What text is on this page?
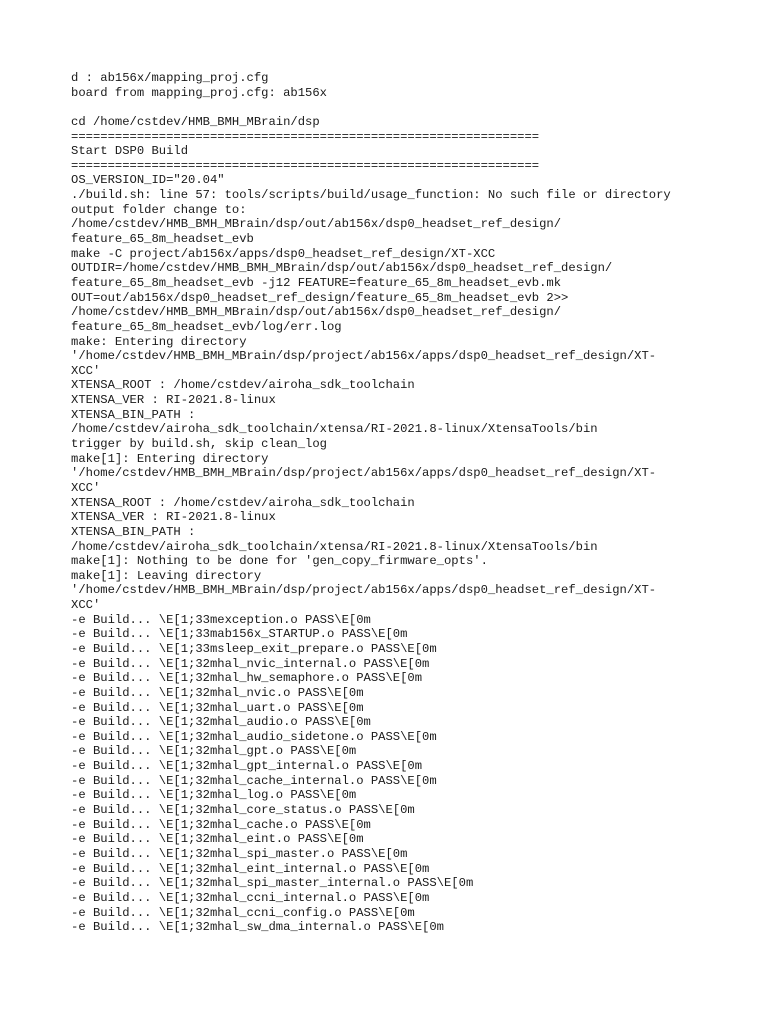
d : ab156x/mapping_proj.cfg
board from mapping_proj.cfg: ab156x
cd /home/cstdev/HMB_BMH_MBrain/dsp
================================================================
Start DSP0 Build
================================================================
OS_VERSION_ID="20.04"
./build.sh: line 57: tools/scripts/build/usage_function: No such file or directory
output folder change to:
/home/cstdev/HMB_BMH_MBrain/dsp/out/ab156x/dsp0_headset_ref_design/
feature_65_8m_headset_evb
make -C project/ab156x/apps/dsp0_headset_ref_design/XT-XCC
OUTDIR=/home/cstdev/HMB_BMH_MBrain/dsp/out/ab156x/dsp0_headset_ref_design/
feature_65_8m_headset_evb -j12 FEATURE=feature_65_8m_headset_evb.mk
OUT=out/ab156x/dsp0_headset_ref_design/feature_65_8m_headset_evb 2>>
/home/cstdev/HMB_BMH_MBrain/dsp/out/ab156x/dsp0_headset_ref_design/
feature_65_8m_headset_evb/log/err.log
make: Entering directory
'/home/cstdev/HMB_BMH_MBrain/dsp/project/ab156x/apps/dsp0_headset_ref_design/XT-
XCC'
XTENSA_ROOT : /home/cstdev/airoha_sdk_toolchain
XTENSA_VER : RI-2021.8-linux
XTENSA_BIN_PATH :
/home/cstdev/airoha_sdk_toolchain/xtensa/RI-2021.8-linux/XtensaTools/bin
trigger by build.sh, skip clean_log
make[1]: Entering directory
'/home/cstdev/HMB_BMH_MBrain/dsp/project/ab156x/apps/dsp0_headset_ref_design/XT-
XCC'
XTENSA_ROOT : /home/cstdev/airoha_sdk_toolchain
XTENSA_VER : RI-2021.8-linux
XTENSA_BIN_PATH :
/home/cstdev/airoha_sdk_toolchain/xtensa/RI-2021.8-linux/XtensaTools/bin
make[1]: Nothing to be done for 'gen_copy_firmware_opts'.
make[1]: Leaving directory
'/home/cstdev/HMB_BMH_MBrain/dsp/project/ab156x/apps/dsp0_headset_ref_design/XT-
XCC'
-e Build... \E[1;33mexception.o PASS\E[0m
-e Build... \E[1;33mab156x_STARTUP.o PASS\E[0m
-e Build... \E[1;33msleep_exit_prepare.o PASS\E[0m
-e Build... \E[1;32mhal_nvic_internal.o PASS\E[0m
-e Build... \E[1;32mhal_hw_semaphore.o PASS\E[0m
-e Build... \E[1;32mhal_nvic.o PASS\E[0m
-e Build... \E[1;32mhal_uart.o PASS\E[0m
-e Build... \E[1;32mhal_audio.o PASS\E[0m
-e Build... \E[1;32mhal_audio_sidetone.o PASS\E[0m
-e Build... \E[1;32mhal_gpt.o PASS\E[0m
-e Build... \E[1;32mhal_gpt_internal.o PASS\E[0m
-e Build... \E[1;32mhal_cache_internal.o PASS\E[0m
-e Build... \E[1;32mhal_log.o PASS\E[0m
-e Build... \E[1;32mhal_core_status.o PASS\E[0m
-e Build... \E[1;32mhal_cache.o PASS\E[0m
-e Build... \E[1;32mhal_eint.o PASS\E[0m
-e Build... \E[1;32mhal_spi_master.o PASS\E[0m
-e Build... \E[1;32mhal_eint_internal.o PASS\E[0m
-e Build... \E[1;32mhal_spi_master_internal.o PASS\E[0m
-e Build... \E[1;32mhal_ccni_internal.o PASS\E[0m
-e Build... \E[1;32mhal_ccni_config.o PASS\E[0m
-e Build... \E[1;32mhal_sw_dma_internal.o PASS\E[0m
